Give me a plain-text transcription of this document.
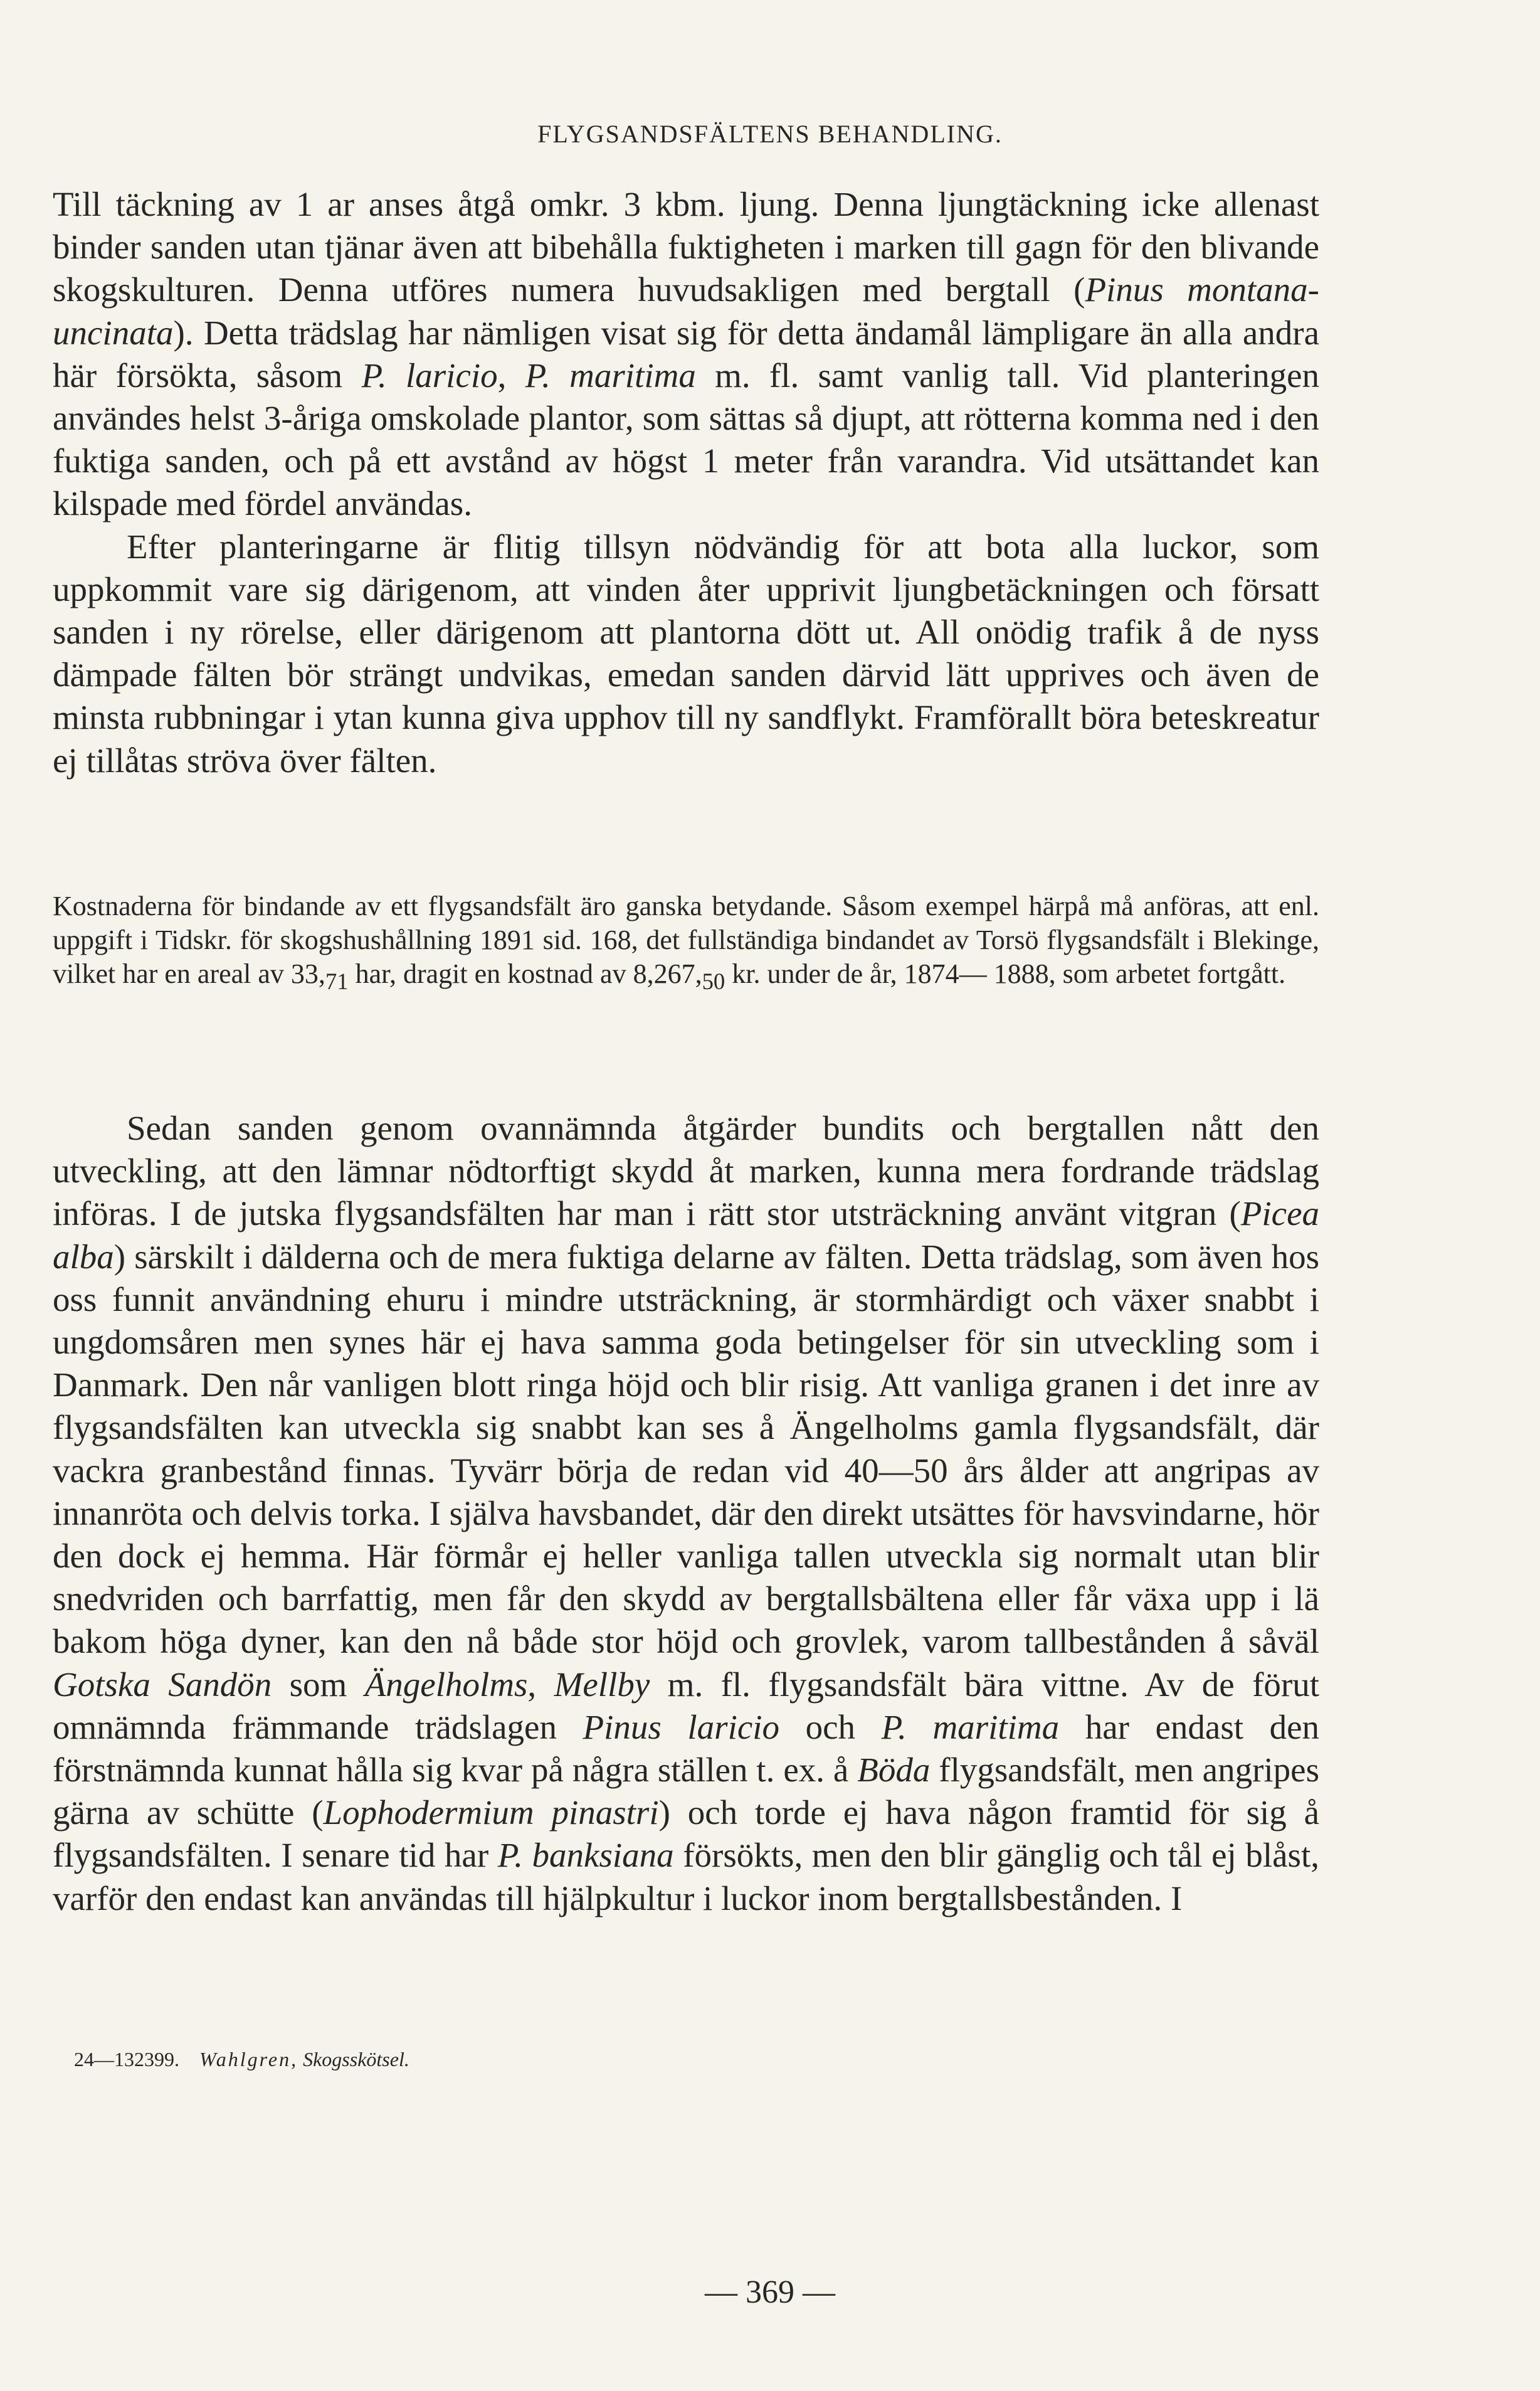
FLYGSANDSFÄLTENS BEHANDLING.

Till täckning av 1 ar anses åtgå omkr. 3 kbm. ljung. Denna ljungtäckning icke allenast binder sanden utan tjänar även att bibehålla fuktigheten i marken till gagn för den blivande skogskulturen. Denna utföres numera huvudsakligen med bergtall (Pinus montana-uncinata). Detta trädslag har nämligen visat sig för detta ändamål lämpligare än alla andra här försökta, såsom P. laricio, P. maritima m. fl. samt vanlig tall. Vid planteringen användes helst 3-åriga omskolade plantor, som sättas så djupt, att rötterna komma ned i den fuktiga sanden, och på ett avstånd av högst 1 meter från varandra. Vid utsättandet kan kilspade med fördel användas.

Efter planteringarne är flitig tillsyn nödvändig för att bota alla luckor, som uppkommit vare sig därigenom, att vinden åter upprivit ljungbetäckningen och försatt sanden i ny rörelse, eller därigenom att plantorna dött ut. All onödig trafik å de nyss dämpade fälten bör strängt undvikas, emedan sanden därvid lätt upprives och även de minsta rubbningar i ytan kunna giva upphov till ny sandflykt. Framförallt böra beteskreatur ej tillåtas ströva över fälten.

Kostnaderna för bindande av ett flygsandsfält äro ganska betydande. Såsom exempel härpå må anföras, att enl. uppgift i Tidskr. för skogshushållning 1891 sid. 168, det fullständiga bindandet av Torsö flygsandsfält i Blekinge, vilket har en areal av $33,_{71}$ har, dragit en kostnad av $8,267,_{50}$ kr. under de år, 1874— 1888, som arbetet fortgått.

Sedan sanden genom ovannämnda åtgärder bundits och bergtallen nått den utveckling, att den lämnar nödtorftigt skydd åt marken, kunna mera fordrande trädslag införas. I de jutska flygsandsfälten har man i rätt stor utsträckning använt vitgran (Picea alba) särskilt i dälderna och de mera fuktiga delarne av fälten. Detta trädslag, som även hos oss funnit användning ehuru i mindre utsträckning, är stormhärdigt och växer snabbt i ungdomsåren men synes här ej hava samma goda betingelser för sin utveckling som i Danmark. Den når vanligen blott ringa höjd och blir risig. Att vanliga granen i det inre av flygsandsfälten kan utveckla sig snabbt kan ses å Ängelholms gamla flygsandsfält, där vackra granbestånd finnas. Tyvärr börja de redan vid 40—50 års ålder att angripas av innanröta och delvis torka. I själva havsbandet, där den direkt utsättes för havsvindarne, hör den dock ej hemma. Här förmår ej heller vanliga tallen utveckla sig normalt utan blir snedvriden och barrfattig, men får den skydd av bergtallsbältena eller får växa upp i lä bakom höga dyner, kan den nå både stor höjd och grovlek, varom tallbestånden å såväl Gotska Sandön som Ängelholms, Mellby m. fl. flygsandsfält bära vittne. Av de förut omnämnda främmande trädslagen Pinus laricio och P. maritima har endast den förstnämnda kunnat hålla sig kvar på några ställen t. ex. å Böda flygsandsfält, men angripes gärna av schütte (Lophodermium pinastri) och torde ej hava någon framtid för sig å flygsandsfälten. I senare tid har P. banksiana försökts, men den blir gänglig och tål ej blåst, varför den endast kan användas till hjälpkultur i luckor inom bergtallsbestånden. I

24—132399. Wahlgren, Skogsskötsel.
— 369 —
